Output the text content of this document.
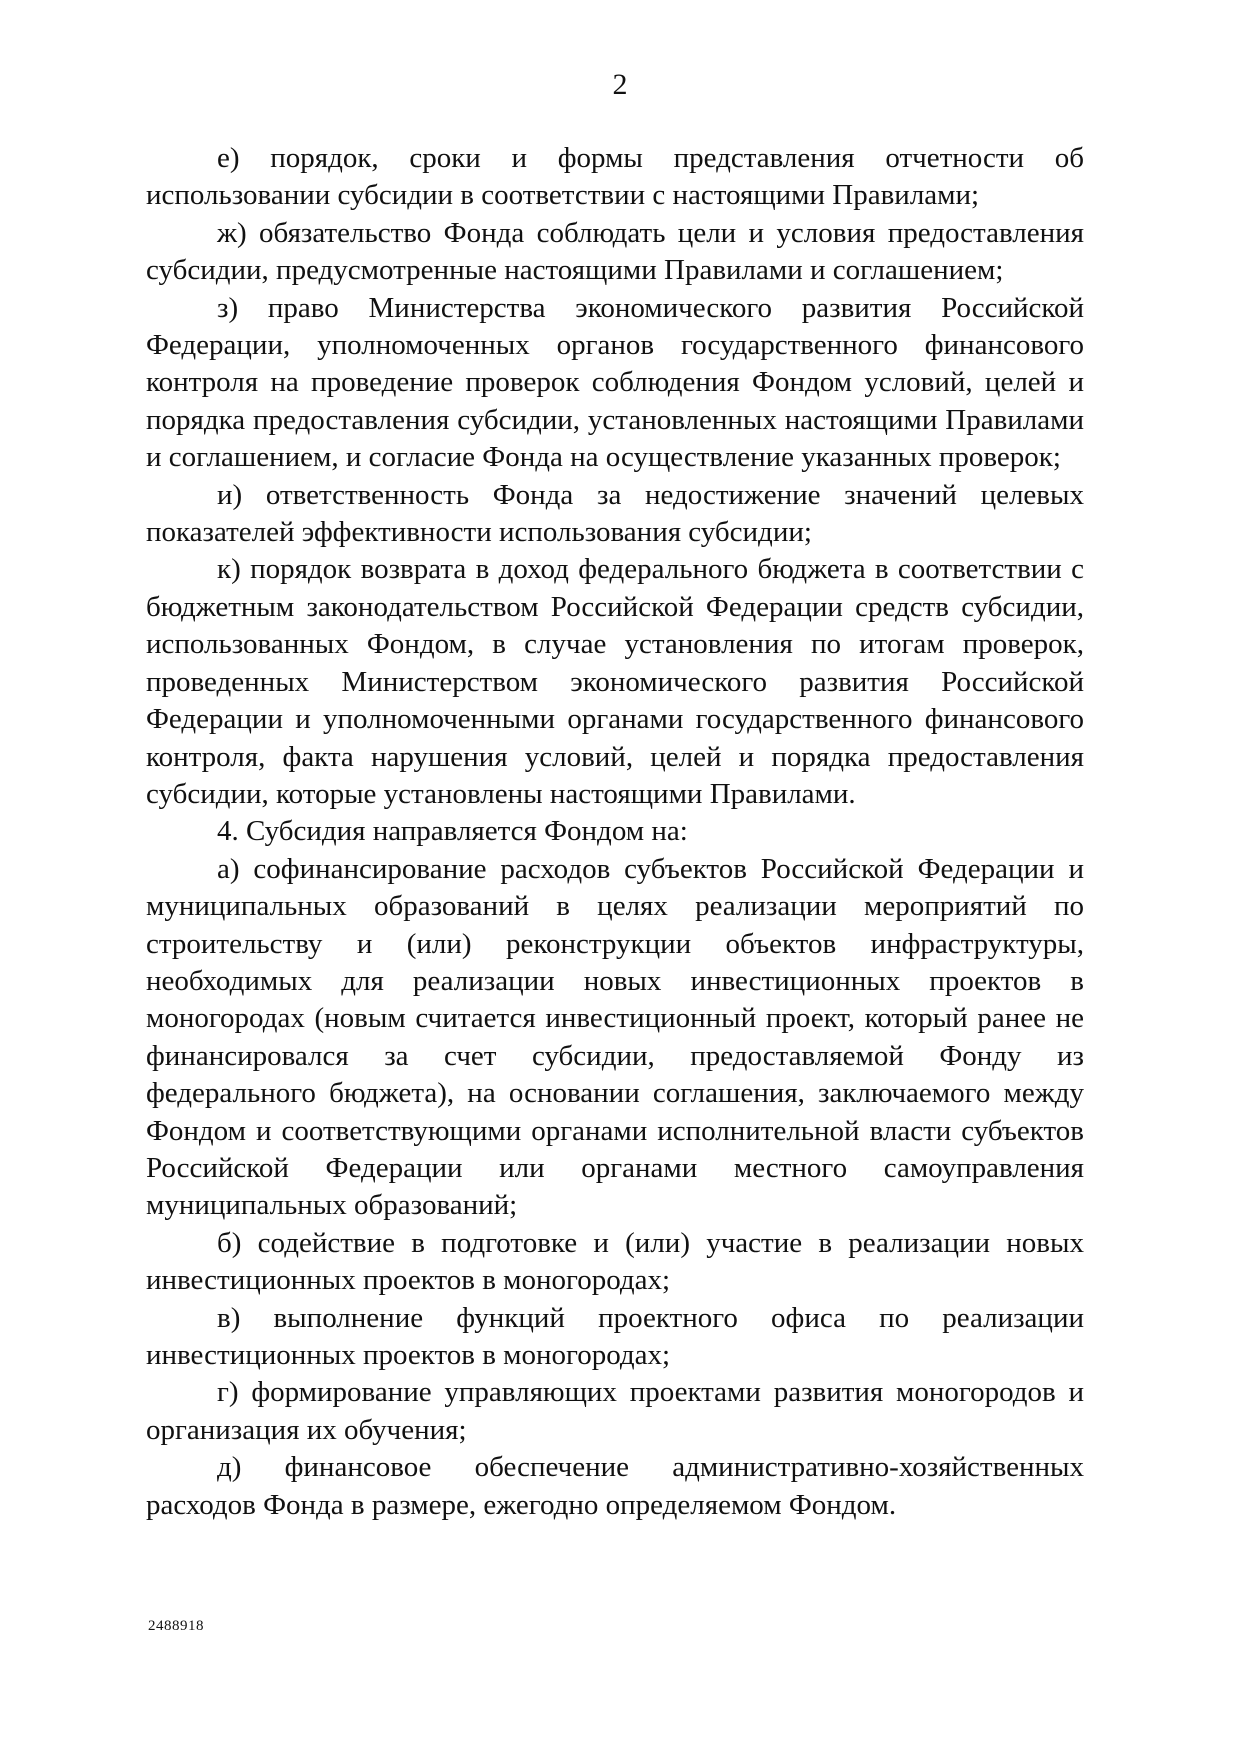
2

е) порядок, сроки и формы представления отчетности об использовании субсидии в соответствии с настоящими Правилами;

ж) обязательство Фонда соблюдать цели и условия предоставления субсидии, предусмотренные настоящими Правилами и соглашением;

з) право Министерства экономического развития Российской Федерации, уполномоченных органов государственного финансового контроля на проведение проверок соблюдения Фондом условий, целей и порядка предоставления субсидии, установленных настоящими Правилами и соглашением, и согласие Фонда на осуществление указанных проверок;

и) ответственность Фонда за недостижение значений целевых показателей эффективности использования субсидии;

к) порядок возврата в доход федерального бюджета в соответствии с бюджетным законодательством Российской Федерации средств субсидии, использованных Фондом, в случае установления по итогам проверок, проведенных Министерством экономического развития Российской Федерации и уполномоченными органами государственного финансового контроля, факта нарушения условий, целей и порядка предоставления субсидии, которые установлены настоящими Правилами.

4. Субсидия направляется Фондом на:

а) софинансирование расходов субъектов Российской Федерации и муниципальных образований в целях реализации мероприятий по строительству и (или) реконструкции объектов инфраструктуры, необходимых для реализации новых инвестиционных проектов в моногородах (новым считается инвестиционный проект, который ранее не финансировался за счет субсидии, предоставляемой Фонду из федерального бюджета), на основании соглашения, заключаемого между Фондом и соответствующими органами исполнительной власти субъектов Российской Федерации или органами местного самоуправления муниципальных образований;

б) содействие в подготовке и (или) участие в реализации новых инвестиционных проектов в моногородах;

в) выполнение функций проектного офиса по реализации инвестиционных проектов в моногородах;

г) формирование управляющих проектами развития моногородов и организация их обучения;

д) финансовое обеспечение административно-хозяйственных расходов Фонда в размере, ежегодно определяемом Фондом.

2488918
